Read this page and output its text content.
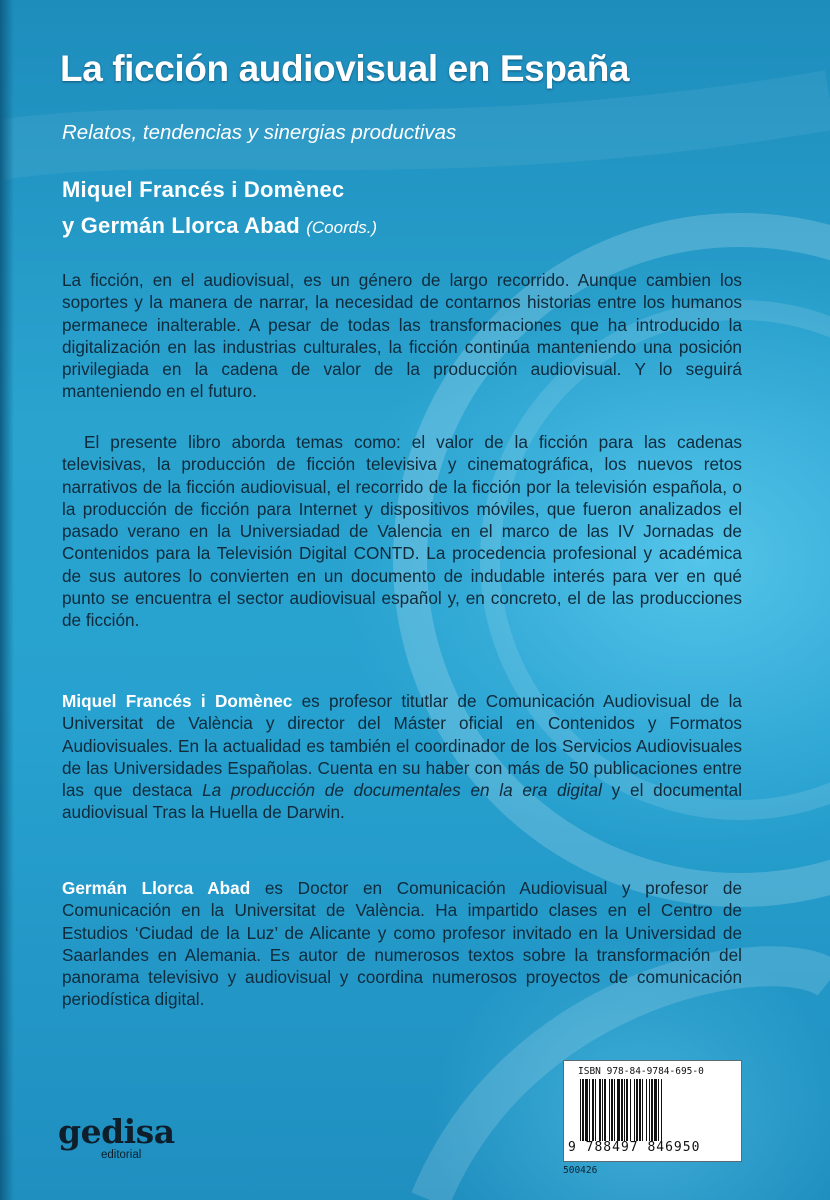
La ficción audiovisual en España

Relatos, tendencias y sinergias productivas

Miquel Francés i Domènec
y Germán Llorca Abad (Coords.)

La ficción, en el audiovisual, es un género de largo recorrido. Aunque cambien los soportes y la manera de narrar, la necesidad de contarnos historias entre los humanos permanece inalterable. A pesar de todas las transformaciones que ha introducido la digitalización en las industrias culturales, la ficción continúa manteniendo una posición privilegiada en la cadena de valor de la producción audiovisual. Y lo seguirá manteniendo en el futuro.

El presente libro aborda temas como: el valor de la ficción para las cadenas televisivas, la producción de ficción televisiva y cinematográfica, los nuevos retos narrativos de la ficción audiovisual, el recorrido de la ficción por la televisión española, o la producción de ficción para Internet y dispositivos móviles, que fueron analizados el pasado verano en la Universiadad de Valencia en el marco de las IV Jornadas de Contenidos para la Televisión Digital CONTD. La procedencia profesional y académica de sus autores lo convierten en un documento de indudable interés para ver en qué punto se encuentra el sector audiovisual español y, en concreto, el de las producciones de ficción.

Miquel Francés i Domènec es profesor titutlar de Comunicación Audiovisual de la Universitat de València y director del Máster oficial en Contenidos y Formatos Audiovisuales. En la actualidad es también el coordinador de los Servicios Audiovisuales de las Universidades Españolas. Cuenta en su haber con más de 50 publicaciones entre las que destaca La producción de documentales en la era digital y el documental audiovisual Tras la Huella de Darwin.

Germán Llorca Abad es Doctor en Comunicación Audiovisual y profesor de Comunicación en la Universitat de València. Ha impartido clases en el Centro de Estudios ‘Ciudad de la Luz’ de Alicante y como profesor invitado en la Universidad de Saarlandes en Alemania. Es autor de numerosos textos sobre la transformación del panorama televisivo y audiovisual y coordina numerosos proyectos de comunicación periodística digital.

gedisa
editorial
ISBN 978-84-9784-695-0
9 788497 846950
500426
